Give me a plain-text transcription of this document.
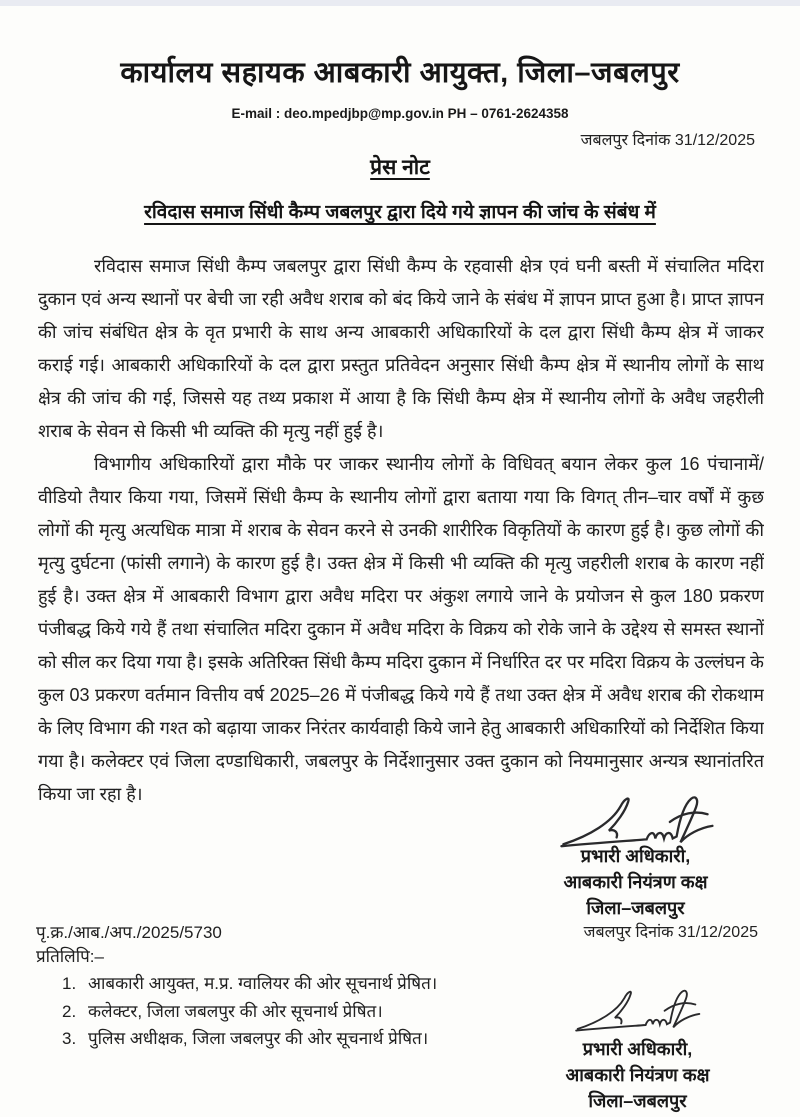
कार्यालय सहायक आबकारी आयुक्त, जिला–जबलपुर
E-mail : deo.mpedjbp@mp.gov.in PH – 0761-2624358
जबलपुर दिनांक 31/12/2025
प्रेस नोट
रविदास समाज सिंधी कैम्प जबलपुर द्वारा दिये गये ज्ञापन की जांच के संबंध में

रविदास समाज सिंधी कैम्प जबलपुर द्वारा सिंधी कैम्प के रहवासी क्षेत्र एवं घनी बस्ती में संचालित मदिरा दुकान एवं अन्य स्थानों पर बेची जा रही अवैध शराब को बंद किये जाने के संबंध में ज्ञापन प्राप्त हुआ है। प्राप्त ज्ञापन की जांच संबंधित क्षेत्र के वृत प्रभारी के साथ अन्य आबकारी अधिकारियों के दल द्वारा सिंधी कैम्प क्षेत्र में जाकर कराई गई। आबकारी अधिकारियों के दल द्वारा प्रस्तुत प्रतिवेदन अनुसार सिंधी कैम्प क्षेत्र में स्थानीय लोगों के साथ क्षेत्र की जांच की गई, जिससे यह तथ्य प्रकाश में आया है कि सिंधी कैम्प क्षेत्र में स्थानीय लोगों के अवैध जहरीली शराब के सेवन से किसी भी व्यक्ति की मृत्यु नहीं हुई है।

विभागीय अधिकारियों द्वारा मौके पर जाकर स्थानीय लोगों के विधिवत् बयान लेकर कुल 16 पंचानामें/वीडियो तैयार किया गया, जिसमें सिंधी कैम्प के स्थानीय लोगों द्वारा बताया गया कि विगत् तीन–चार वर्षों में कुछ लोगों की मृत्यु अत्यधिक मात्रा में शराब के सेवन करने से उनकी शारीरिक विकृतियों के कारण हुई है। कुछ लोगों की मृत्यु दुर्घटना (फांसी लगाने) के कारण हुई है। उक्त क्षेत्र में किसी भी व्यक्ति की मृत्यु जहरीली शराब के कारण नहीं हुई है। उक्त क्षेत्र में आबकारी विभाग द्वारा अवैध मदिरा पर अंकुश लगाये जाने के प्रयोजन से कुल 180 प्रकरण पंजीबद्ध किये गये हैं तथा संचालित मदिरा दुकान में अवैध मदिरा के विक्रय को रोके जाने के उद्देश्य से समस्त स्थानों को सील कर दिया गया है। इसके अतिरिक्त सिंधी कैम्प मदिरा दुकान में निर्धारित दर पर मदिरा विक्रय के उल्लंघन के कुल 03 प्रकरण वर्तमान वित्तीय वर्ष 2025–26 में पंजीबद्ध किये गये हैं तथा उक्त क्षेत्र में अवैध शराब की रोकथाम के लिए विभाग की गश्त को बढ़ाया जाकर निरंतर कार्यवाही किये जाने हेतु आबकारी अधिकारियों को निर्देशित किया गया है। कलेक्टर एवं जिला दण्डाधिकारी, जबलपुर के निर्देशानुसार उक्त दुकान को नियमानुसार अन्यत्र स्थानांतरित किया जा रहा है।

प्रभारी अधिकारी,
आबकारी नियंत्रण कक्ष
जिला–जबलपुर
जबलपुर दिनांक 31/12/2025
पृ.क्र./आब./अप./2025/5730
प्रतिलिपि:–
1. आबकारी आयुक्त, म.प्र. ग्वालियर की ओर सूचनार्थ प्रेषित।
2. कलेक्टर, जिला जबलपुर की ओर सूचनार्थ प्रेषित।
3. पुलिस अधीक्षक, जिला जबलपुर की ओर सूचनार्थ प्रेषित।
प्रभारी अधिकारी,
आबकारी नियंत्रण कक्ष
जिला–जबलपुर
